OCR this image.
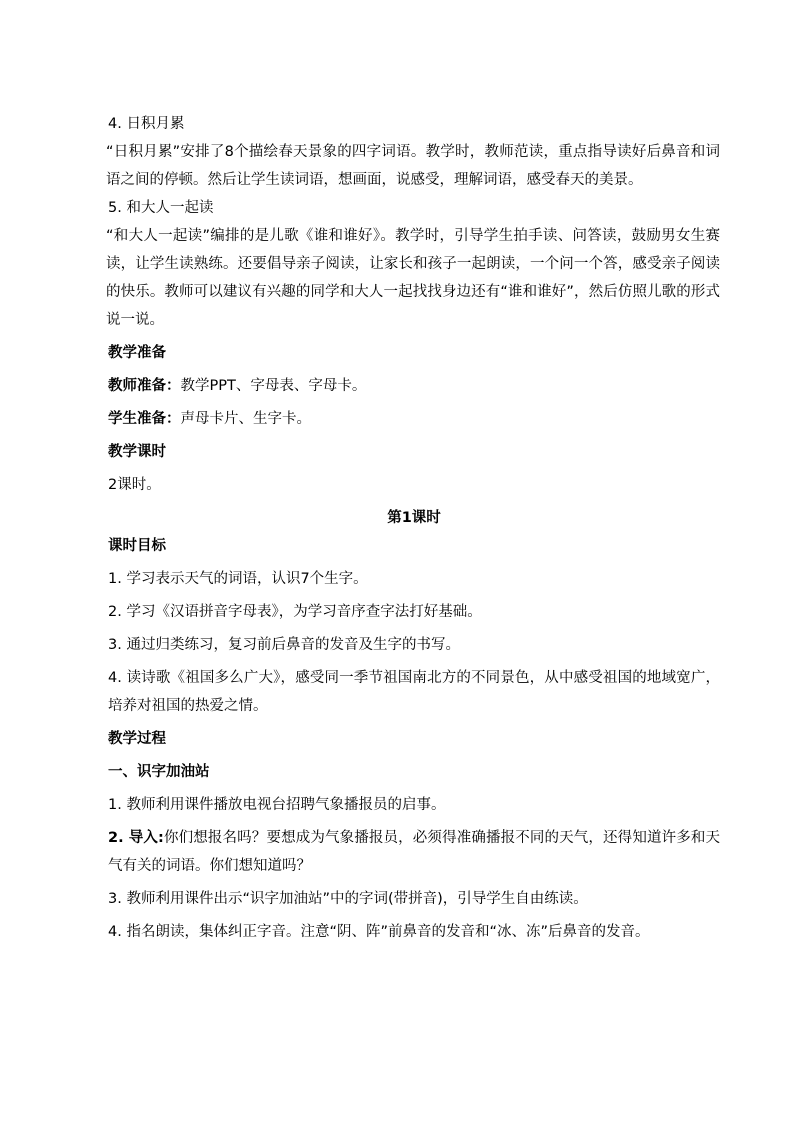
4. 日积月累

“日积月累”安排了8个描绘春天景象的四字词语。教学时，教师范读，重点指导读好后鼻音和词语之间的停顿。然后让学生读词语，想画面，说感受，理解词语，感受春天的美景。

5. 和大人一起读

“和大人一起读”编排的是儿歌《谁和谁好》。教学时，引导学生拍手读、问答读，鼓励男女生赛读，让学生读熟练。还要倡导亲子阅读，让家长和孩子一起朗读，一个问一个答，感受亲子阅读的快乐。教师可以建议有兴趣的同学和大人一起找找身边还有“谁和谁好”，然后仿照儿歌的形式说一说。

教学准备

教师准备：教学PPT、字母表、字母卡。

学生准备：声母卡片、生字卡。

教学课时

2课时。

第1课时

课时目标

1. 学习表示天气的词语，认识7个生字。

2. 学习《汉语拼音字母表》，为学习音序查字法打好基础。

3. 通过归类练习，复习前后鼻音的发音及生字的书写。

4. 读诗歌《祖国多么广大》，感受同一季节祖国南北方的不同景色，从中感受祖国的地域宽广，培养对祖国的热爱之情。

教学过程

一、识字加油站

1. 教师利用课件播放电视台招聘气象播报员的启事。

2. 导入:你们想报名吗？要想成为气象播报员，必须得准确播报不同的天气，还得知道许多和天气有关的词语。你们想知道吗？

3. 教师利用课件出示“识字加油站”中的字词(带拼音)，引导学生自由练读。

4. 指名朗读，集体纠正字音。注意“阴、阵”前鼻音的发音和“冰、冻”后鼻音的发音。
